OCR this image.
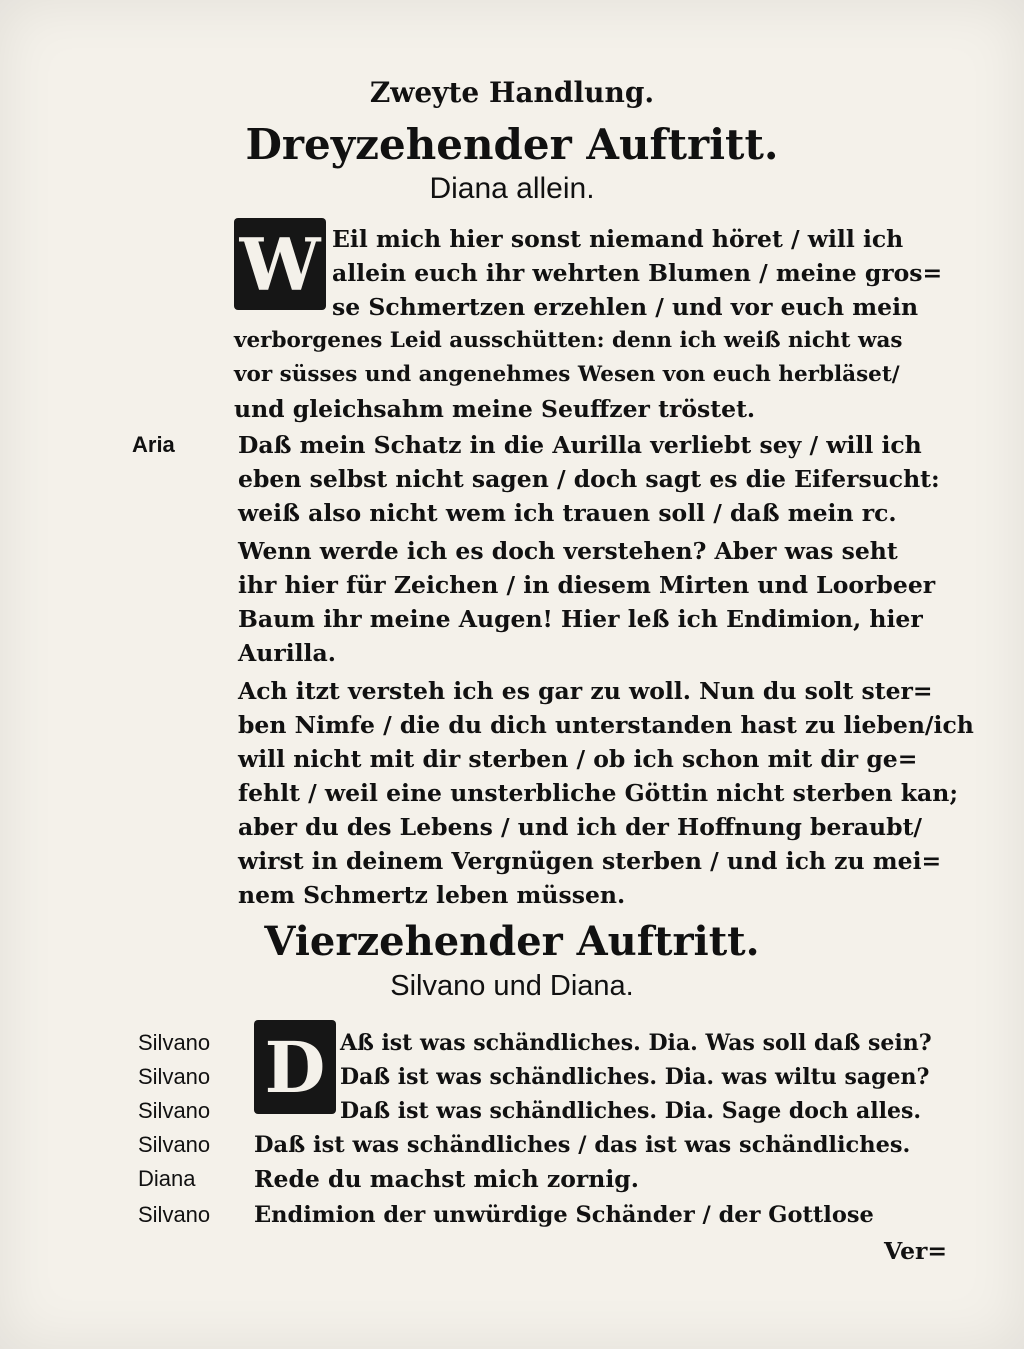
Zweyte Handlung.
Dreyzehender Auftritt.
Diana allein.
W Eil mich hier sonst niemand höret / will ich
allein euch ihr wehrten Blumen / meine gros=
se Schmertzen erzehlen / und vor euch mein
verborgenes Leid ausschütten: denn ich weiß nicht was
vor süsses und angenehmes Wesen von euch herbläset/
und gleichsahm meine Seuffzer tröstet.
Aria	Daß mein Schatz in die Aurilla verliebt sey / will ich
eben selbst nicht sagen / doch sagt es die Eifersucht:
weiß also nicht wem ich trauen soll / daß mein rc.
Wenn werde ich es doch verstehen? Aber was seht
ihr hier für Zeichen / in diesem Mirten und Loorbeer
Baum ihr meine Augen! Hier leß ich Endimion, hier
Aurilla.
Ach itzt versteh ich es gar zu woll. Nun du solt ster=
ben Nimfe / die du dich unterstanden hast zu lieben/ich
will nicht mit dir sterben / ob ich schon mit dir ge=
fehlt / weil eine unsterbliche Göttin nicht sterben kan;
aber du des Lebens / und ich der Hoffnung beraubt/
wirst in deinem Vergnügen sterben / und ich zu mei=
nem Schmertz leben müssen.
Vierzehender Auftritt.
Silvano und Diana.
D
Silvano	Aß ist was schändliches. Dia. Was soll daß sein?
Silvano	Daß ist was schändliches. Dia. was wiltu sagen?
Silvano	Daß ist was schändliches. Dia. Sage doch alles.
Silvano Daß ist was schändliches / das ist was schändliches.
Diana Rede du machst mich zornig.
Silvano Endimion der unwürdige Schänder / der Gottlose
Ver=
